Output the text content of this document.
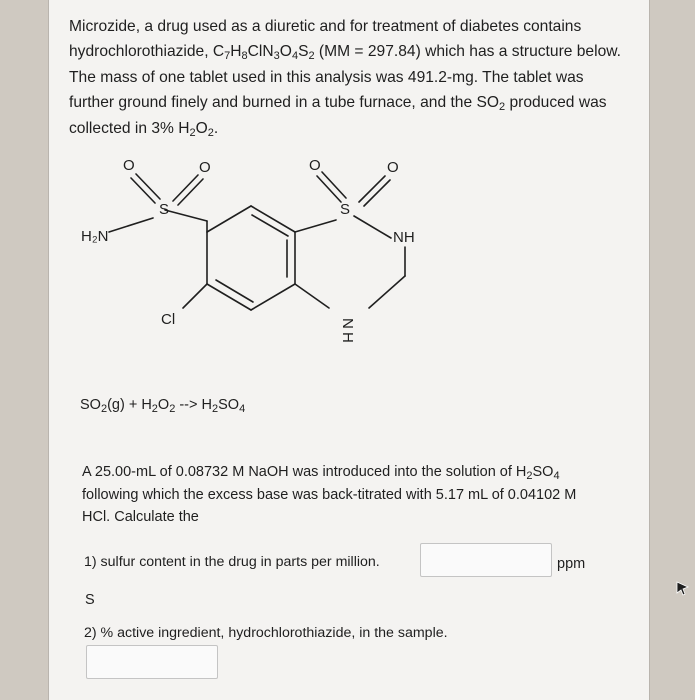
Microzide, a drug used as a diuretic and for treatment of diabetes contains hydrochlorothiazide, $C_7H_8ClN_3O_4S_2$ (MM = 297.84) which has a structure below. The mass of one tablet used in this analysis was 491.2-mg. The tablet was further ground finely and burned in a tube furnace, and the $SO_2$ produced was collected in 3% $H_2O_2$.
O	O
S
H₂N
Cl
O	O
S
NH
N
H
$SO_2(g) + H_2O_2$ --> $H_2SO_4$
A 25.00-mL of 0.08732 M NaOH was introduced into the solution of $H_2SO_4$ following which the excess base was back-titrated with 5.17 mL of 0.04102 M HCl. Calculate the
1) sulfur content in the drug in parts per million.	ppm
S
2) % active ingredient, hydrochlorothiazide, in the sample.
